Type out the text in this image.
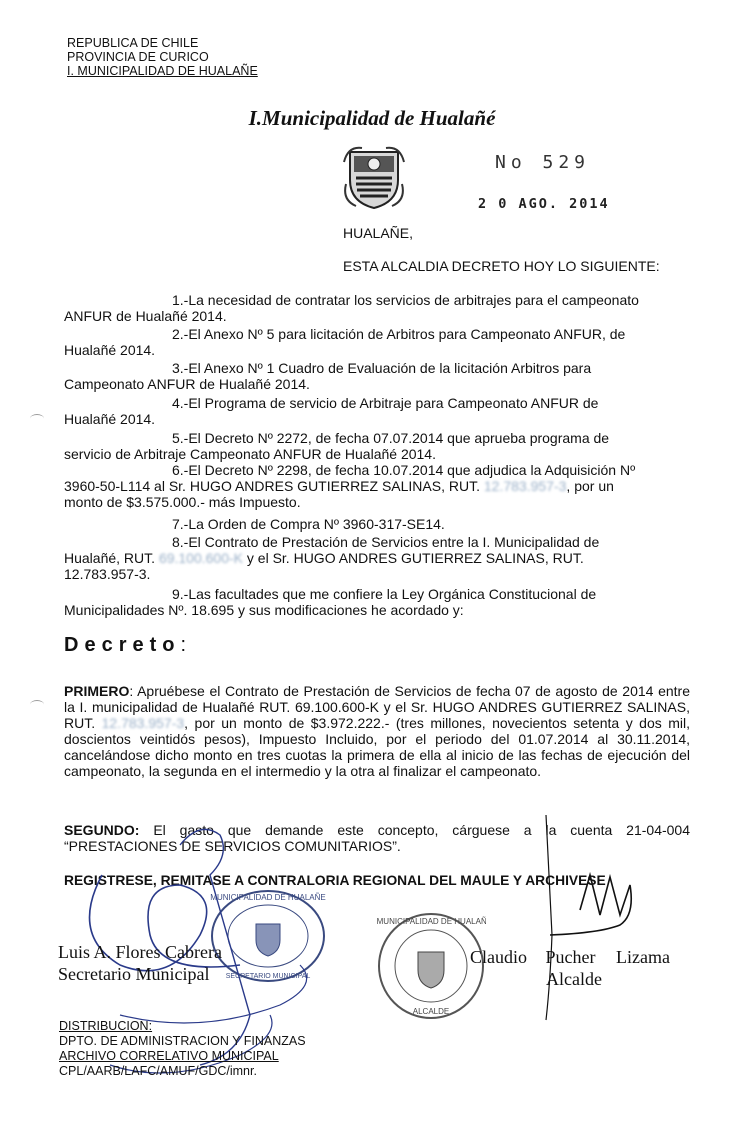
REPUBLICA DE CHILE
PROVINCIA DE CURICO
I. MUNICIPALIDAD DE HUALAÑE
I.Municipalidad de Hualañé
No 529
2 0 AGO. 2014
HUALAÑE,
ESTA ALCALDIA DECRETO HOY LO SIGUIENTE:
1.-La necesidad de contratar los servicios de arbitrajes para el campeonato
ANFUR de Hualañé 2014.
2.-El Anexo Nº 5 para licitación de Arbitros para Campeonato ANFUR, de
Hualañé 2014.
3.-El Anexo Nº 1 Cuadro de Evaluación de la licitación Arbitros para
Campeonato ANFUR de Hualañé 2014.
4.-El Programa de servicio de Arbitraje para Campeonato ANFUR de
Hualañé 2014.
5.-El Decreto Nº 2272, de fecha 07.07.2014 que aprueba programa de
servicio de Arbitraje Campeonato ANFUR de Hualañé 2014.
6.-El Decreto Nº 2298, de fecha 10.07.2014 que adjudica la Adquisición Nº
3960-50-L114 al Sr. HUGO ANDRES GUTIERREZ SALINAS, RUT. 12.783.957-3, por un
monto de $3.575.000.- más Impuesto.
7.-La Orden de Compra Nº 3960-317-SE14.
8.-El Contrato de Prestación de Servicios entre la I. Municipalidad de
Hualañé, RUT. 69.100.600-K y el Sr. HUGO ANDRES GUTIERREZ SALINAS, RUT.
12.783.957-3.
9.-Las facultades que me confiere la Ley Orgánica Constitucional de
Municipalidades Nº. 18.695 y sus modificaciones he acordado y:
Decreto:
PRIMERO: Apruébese el Contrato de Prestación de Servicios de fecha 07 de agosto de 2014 entre la I. municipalidad de Hualañé RUT. 69.100.600-K y el Sr. HUGO ANDRES GUTIERREZ SALINAS, RUT. 12.783.957-3, por un monto de $3.972.222.- (tres millones, novecientos setenta y dos mil, doscientos veintidós pesos), Impuesto Incluido, por el periodo del 01.07.2014 al 30.11.2014, cancelándose dicho monto en tres cuotas la primera de ella al inicio de las fechas de ejecución del campeonato, la segunda en el intermedio y la otra al finalizar el campeonato.
SEGUNDO: El gasto que demande este concepto, cárguese a la cuenta 21-04-004 “PRESTACIONES DE SERVICIOS COMUNITARIOS”.
REGISTRESE, REMITASE A CONTRALORIA REGIONAL DEL MAULE Y ARCHIVESE
MUNICIPALIDAD DE HUALAÑE
SECRETARIO MUNICIPAL
I. MUNICIPALIDAD DE HUALAÑE
ALCALDE
Luis A. Flores Cabrera
Secretario Municipal
Claudio Pucher Lizama
Alcalde
DISTRIBUCION:
DPTO. DE ADMINISTRACION Y FINANZAS
ARCHIVO CORRELATIVO MUNICIPAL
CPL/AARB/LAFC/AMUF/GDC/imnr.
